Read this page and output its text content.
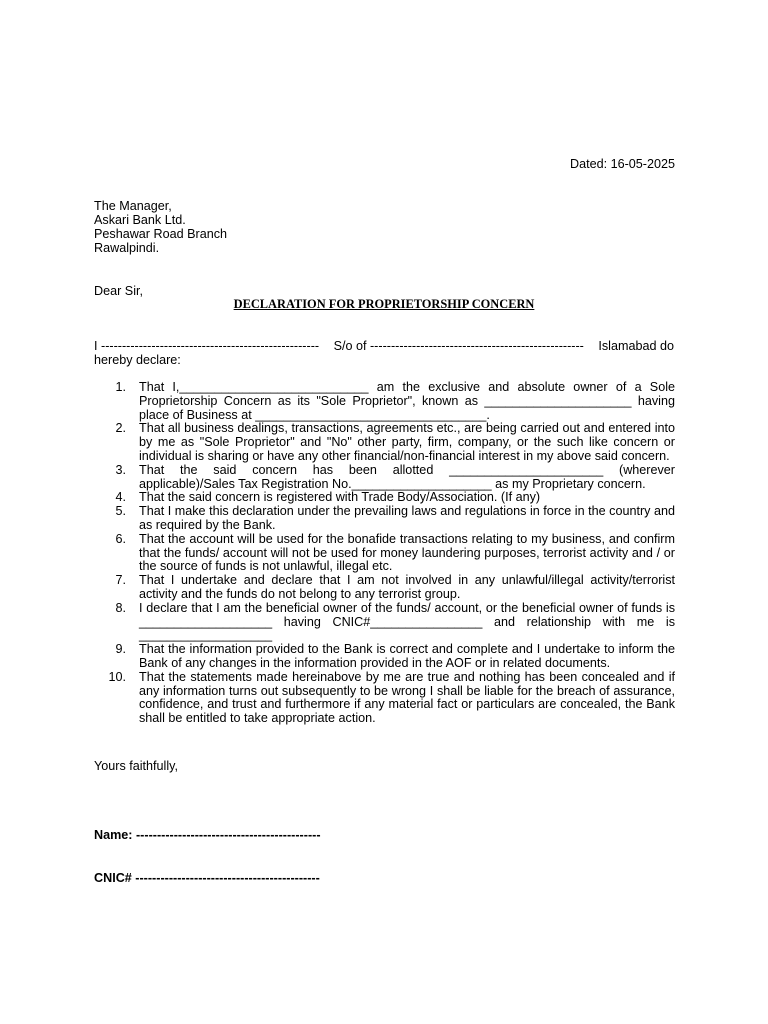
Dated: 16-05-2025
The Manager,
Askari Bank Ltd.
Peshawar Road Branch
Rawalpindi.
Dear Sir,
DECLARATION FOR PROPRIETORSHIP CONCERN
I ---------------------------------------------------- S/o of --------------------------------------------------- Islamabad do
hereby declare:
1. That I,___________________________ am the exclusive and absolute owner of a Sole Proprietorship Concern as its "Sole Proprietor", known as _____________________ having place of Business at _________________________________.
2. That all business dealings, transactions, agreements etc., are being carried out and entered into by me as "Sole Proprietor" and "No" other party, firm, company, or the such like concern or individual is sharing or have any other financial/non-financial interest in my above said concern.
3. That the said concern has been allotted ______________________ (wherever applicable)/Sales Tax Registration No.____________________ as my Proprietary concern.
4. That the said concern is registered with Trade Body/Association. (If any)
5. That I make this declaration under the prevailing laws and regulations in force in the country and as required by the Bank.
6. That the account will be used for the bonafide transactions relating to my business, and confirm that the funds/ account will not be used for money laundering purposes, terrorist activity and / or the source of funds is not unlawful, illegal etc.
7. That I undertake and declare that I am not involved in any unlawful/illegal activity/terrorist activity and the funds do not belong to any terrorist group.
8. I declare that I am the beneficial owner of the funds/ account, or the beneficial owner of funds is ___________________ having CNIC#________________ and relationship with me is ___________________
9. That the information provided to the Bank is correct and complete and I undertake to inform the Bank of any changes in the information provided in the AOF or in related documents.
10. That the statements made hereinabove by me are true and nothing has been concealed and if any information turns out subsequently to be wrong I shall be liable for the breach of assurance, confidence, and trust and furthermore if any material fact or particulars are concealed, the Bank shall be entitled to take appropriate action.
Yours faithfully,
Name: --------------------------------------------
CNIC# --------------------------------------------
